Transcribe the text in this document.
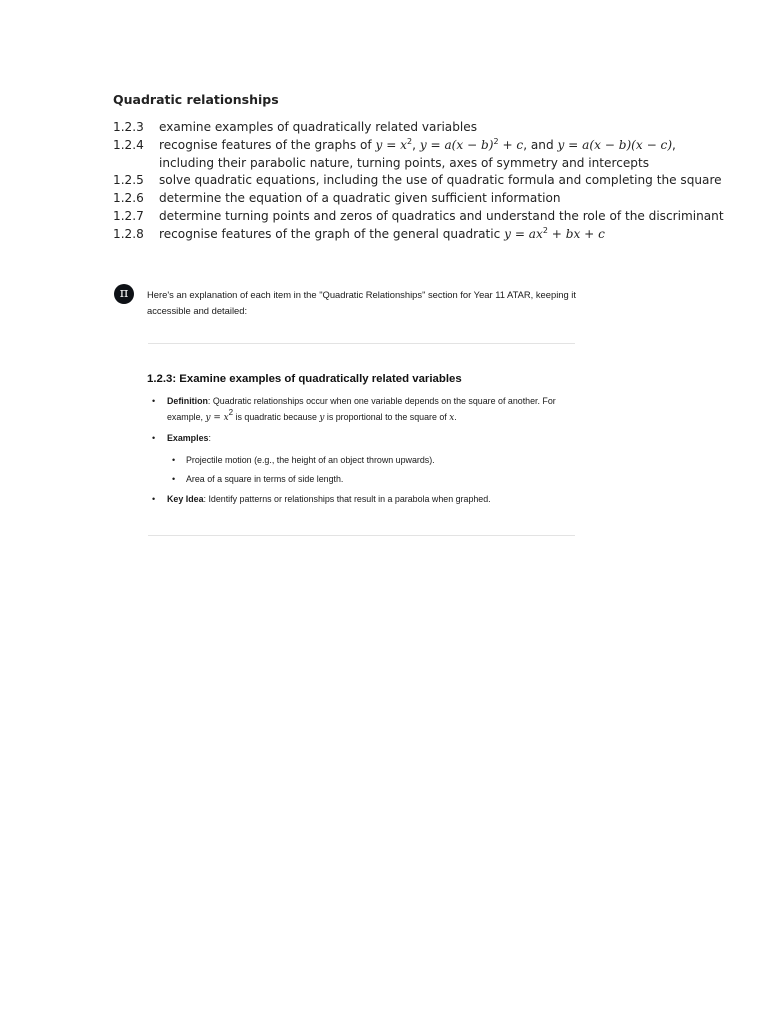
Quadratic relationships
1.2.3	examine examples of quadratically related variables
1.2.4	recognise features of the graphs of $y = x^2$, $y = a(x - b)^2 + c$, and y = a(x − b)(x − c),
including their parabolic nature, turning points, axes of symmetry and intercepts
1.2.5	solve quadratic equations, including the use of quadratic formula and completing the square
1.2.6	determine the equation of a quadratic given sufficient information
1.2.7	determine turning points and zeros of quadratics and understand the role of the discriminant
1.2.8	recognise features of the graph of the general quadratic $y = ax^2$ + bx + c
π Here's an explanation of each item in the "Quadratic Relationships" section for Year 11 ATAR, keeping it accessible and detailed:
1.2.3: Examine examples of quadratically related variables
• Definition: Quadratic relationships occur when one variable depends on the square of another. For example, $y = x^2$ is quadratic because y is proportional to the square of x.
• Examples:
• Projectile motion (e.g., the height of an object thrown upwards).
• Area of a square in terms of side length.
• Key Idea: Identify patterns or relationships that result in a parabola when graphed.
